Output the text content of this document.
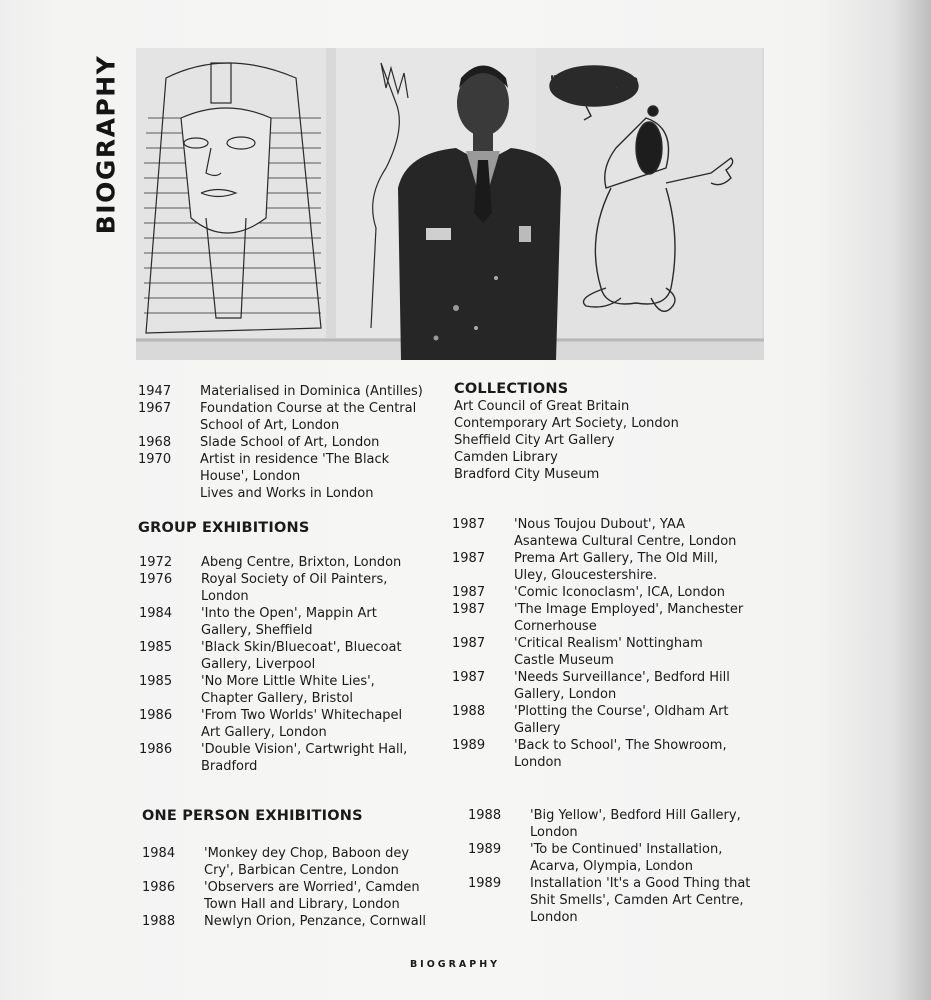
BIOGRAPHY	'Hey! You forgot to
blacken me in!'
1947	Materialised in Dominica (Antilles)
1967	Foundation Course at the Central
School of Art, London
1968	Slade School of Art, London
1970	Artist in residence 'The Black
House', London
Lives and Works in London
COLLECTIONS
Art Council of Great Britain
Contemporary Art Society, London
Sheffield City Art Gallery
Camden Library
Bradford City Museum
GROUP EXHIBITIONS
1972	Abeng Centre, Brixton, London
1976	Royal Society of Oil Painters,
London
1984	'Into the Open', Mappin Art
Gallery, Sheffield
1985	'Black Skin/Bluecoat', Bluecoat
Gallery, Liverpool
1985	'No More Little White Lies',
Chapter Gallery, Bristol
1986	'From Two Worlds' Whitechapel
Art Gallery, London
1986	'Double Vision', Cartwright Hall,
Bradford
1987	'Nous Toujou Dubout', YAA
Asantewa Cultural Centre, London
1987	Prema Art Gallery, The Old Mill,
Uley, Gloucestershire.
1987	'Comic Iconoclasm', ICA, London
1987	'The Image Employed', Manchester
Cornerhouse
1987	'Critical Realism' Nottingham
Castle Museum
1987	'Needs Surveillance', Bedford Hill
Gallery, London
1988	'Plotting the Course', Oldham Art
Gallery
1989	'Back to School', The Showroom,
London
ONE PERSON EXHIBITIONS
1984	'Monkey dey Chop, Baboon dey
Cry', Barbican Centre, London
1986	'Observers are Worried', Camden
Town Hall and Library, London
1988	Newlyn Orion, Penzance, Cornwall
1988	'Big Yellow', Bedford Hill Gallery,
London
1989	'To be Continued' Installation,
Acarva, Olympia, London
1989	Installation 'It's a Good Thing that
Shit Smells', Camden Art Centre,
London
BIOGRAPHY
